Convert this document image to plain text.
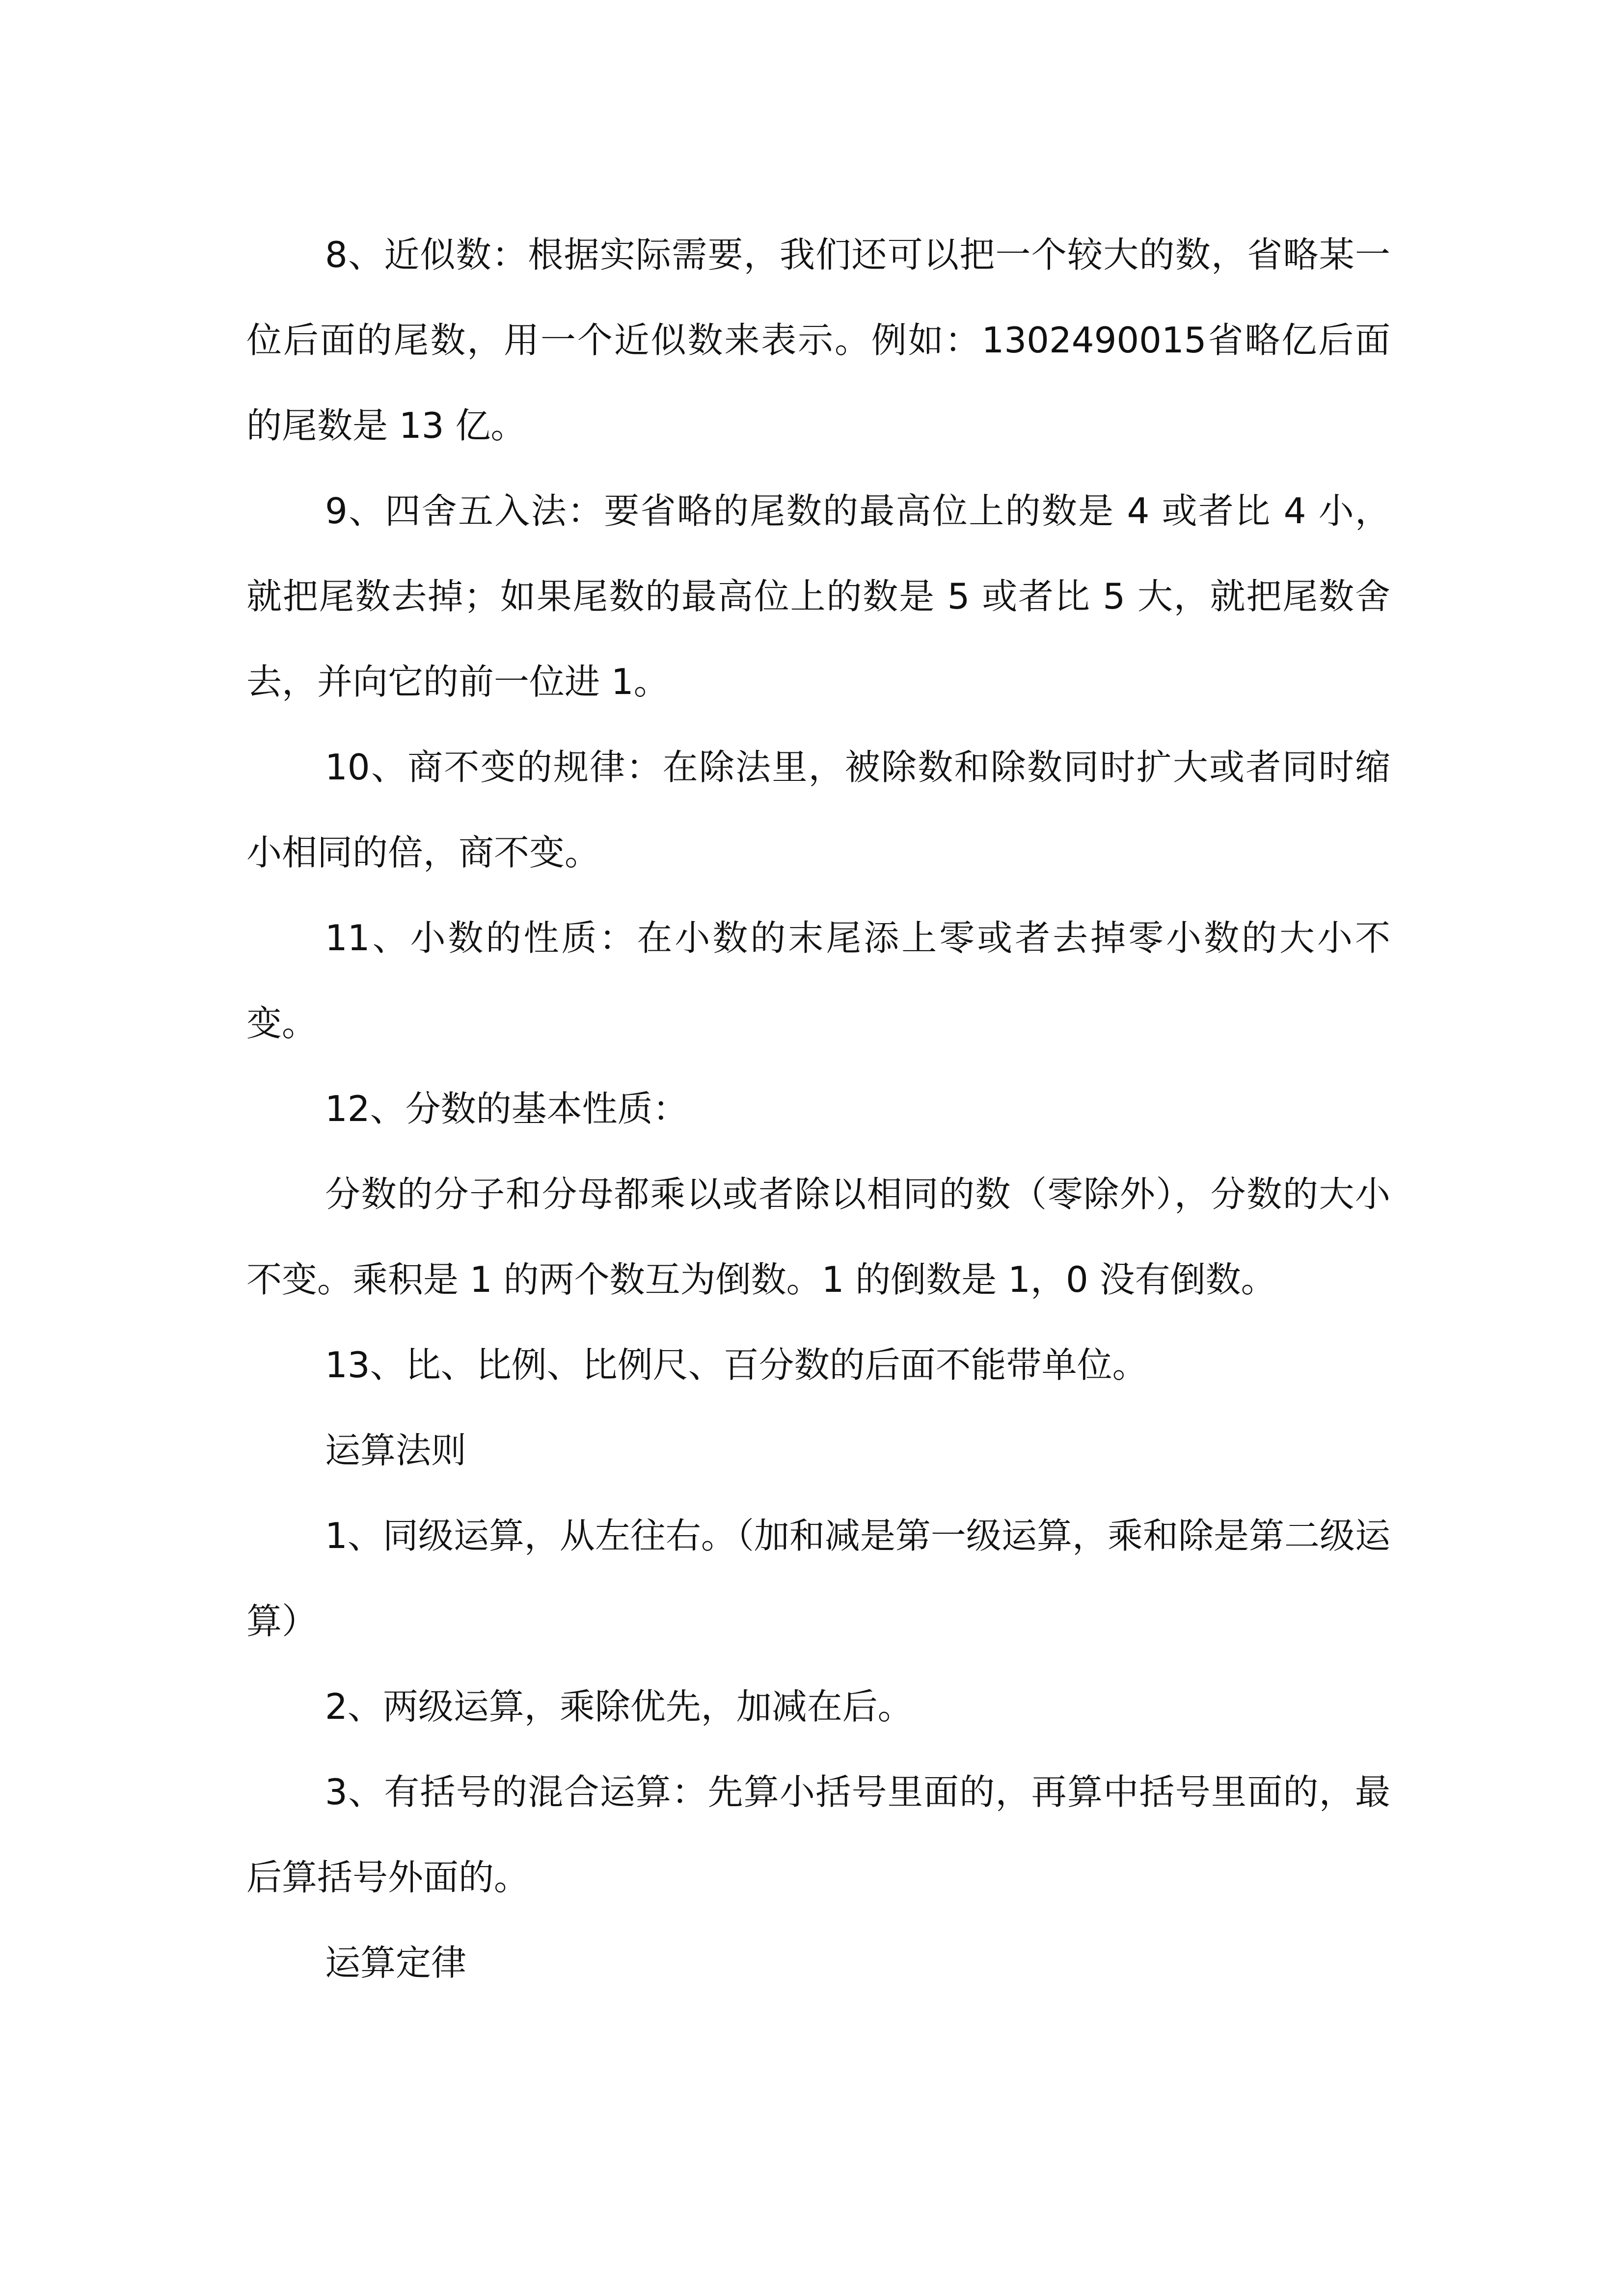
8、近似数：根据实际需要，我们还可以把一个较大的数，省略某一位后面的尾数，用一个近似数来表示。例如：1302490015省略亿后面的尾数是 13 亿。

9、四舍五入法：要省略的尾数的最高位上的数是 4 或者比 4 小，就把尾数去掉；如果尾数的最高位上的数是 5 或者比 5 大，就把尾数舍去，并向它的前一位进 1。

10、商不变的规律：在除法里，被除数和除数同时扩大或者同时缩小相同的倍，商不变。

11、小数的性质：在小数的末尾添上零或者去掉零小数的大小不变。

12、分数的基本性质：

分数的分子和分母都乘以或者除以相同的数（零除外），分数的大小不变。乘积是 1 的两个数互为倒数。1 的倒数是 1，0 没有倒数。

13、比、比例、比例尺、百分数的后面不能带单位。

运算法则

1、同级运算，从左往右。（加和减是第一级运算，乘和除是第二级运算）

2、两级运算，乘除优先，加减在后。

3、有括号的混合运算：先算小括号里面的，再算中括号里面的，最后算括号外面的。

运算定律
